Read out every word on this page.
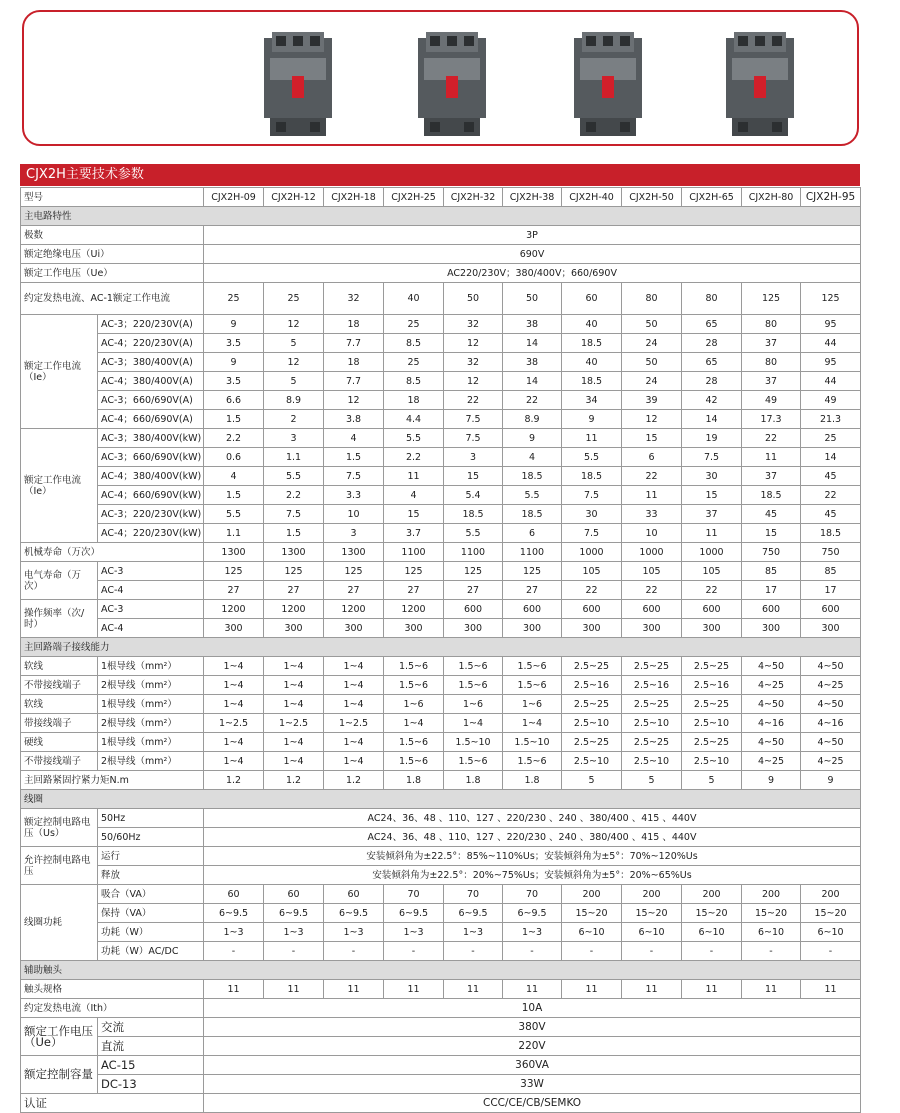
CJX2H主要技术参数
型号		CJX2H-09	CJX2H-12	CJX2H-18	CJX2H-25	CJX2H-32	CJX2H-38	CJX2H-40	CJX2H-50	CJX2H-65	CJX2H-80	CJX2H-95
主电路特性												
极数		3P										
额定绝缘电压（Ui）		690V										
额定工作电压（Ue）		AC220/230V；380/400V；660/690V										
约定发热电流、AC-1额定工作电流		25	25	32	40	50	50	60	80	80	125	125
额定工作电流（Ie）	AC-3；220/230V(A)	9	12	18	25	32	38	40	50	65	80	95
	AC-4；220/230V(A)	3.5	5	7.7	8.5	12	14	18.5	24	28	37	44
	AC-3；380/400V(A)	9	12	18	25	32	38	40	50	65	80	95
	AC-4；380/400V(A)	3.5	5	7.7	8.5	12	14	18.5	24	28	37	44
	AC-3；660/690V(A)	6.6	8.9	12	18	22	22	34	39	42	49	49
	AC-4；660/690V(A)	1.5	2	3.8	4.4	7.5	8.9	9	12	14	17.3	21.3
额定工作电流（Ie）	AC-3；380/400V(kW)	2.2	3	4	5.5	7.5	9	11	15	19	22	25
	AC-3；660/690V(kW)	0.6	1.1	1.5	2.2	3	4	5.5	6	7.5	11	14
	AC-4；380/400V(kW)	4	5.5	7.5	11	15	18.5	18.5	22	30	37	45
	AC-4；660/690V(kW)	1.5	2.2	3.3	4	5.4	5.5	7.5	11	15	18.5	22
	AC-3；220/230V(kW)	5.5	7.5	10	15	18.5	18.5	30	33	37	45	45
	AC-4；220/230V(kW)	1.1	1.5	3	3.7	5.5	6	7.5	10	11	15	18.5
机械寿命（万次）		1300	1300	1300	1100	1100	1100	1000	1000	1000	750	750
电气寿命（万次）	AC-3	125	125	125	125	125	125	105	105	105	85	85
	AC-4	27	27	27	27	27	27	22	22	22	17	17
操作频率（次/时）	AC-3	1200	1200	1200	1200	600	600	600	600	600	600	600
	AC-4	300	300	300	300	300	300	300	300	300	300	300
主回路端子接线能力												
软线	1根导线（mm²）	1~4	1~4	1~4	1.5~6	1.5~6	1.5~6	2.5~25	2.5~25	2.5~25	4~50	4~50
不带接线端子	2根导线（mm²）	1~4	1~4	1~4	1.5~6	1.5~6	1.5~6	2.5~16	2.5~16	2.5~16	4~25	4~25
软线	1根导线（mm²）	1~4	1~4	1~4	1~6	1~6	1~6	2.5~25	2.5~25	2.5~25	4~50	4~50
带接线端子	2根导线（mm²）	1~2.5	1~2.5	1~2.5	1~4	1~4	1~4	2.5~10	2.5~10	2.5~10	4~16	4~16
硬线	1根导线（mm²）	1~4	1~4	1~4	1.5~6	1.5~10	1.5~10	2.5~25	2.5~25	2.5~25	4~50	4~50
不带接线端子	2根导线（mm²）	1~4	1~4	1~4	1.5~6	1.5~6	1.5~6	2.5~10	2.5~10	2.5~10	4~25	4~25
主回路紧固拧紧力矩N.m		1.2	1.2	1.2	1.8	1.8	1.8	5	5	5	9	9
线圈												
额定控制电路电压（Us）	50Hz	AC24、36、48 、110、127 、220/230 、240 、380/400 、415 、440V										
	50/60Hz	AC24、36、48 、110、127 、220/230 、240 、380/400 、415 、440V										
允许控制电路电压	运行	安装倾斜角为±22.5°：85%~110%Us；安装倾斜角为±5°：70%~120%Us										
	释放	安装倾斜角为±22.5°：20%~75%Us；安装倾斜角为±5°：20%~65%Us										
线圈功耗	吸合（VA）	60	60	60	70	70	70	200	200	200	200	200
	保持（VA）	6~9.5	6~9.5	6~9.5	6~9.5	6~9.5	6~9.5	15~20	15~20	15~20	15~20	15~20
	功耗（W）	1~3	1~3	1~3	1~3	1~3	1~3	6~10	6~10	6~10	6~10	6~10
	功耗（W）AC/DC	-	-	-	-	-	-	-	-	-	-	-
辅助触头												
触头规格		11	11	11	11	11	11	11	11	11	11	11
约定发热电流（Ith）		10A										
额定工作电压（Ue）	交流	380V										
	直流	220V										
额定控制容量	AC-15	360VA										
	DC-13	33W										
认证		CCC/CE/CB/SEMKO										
